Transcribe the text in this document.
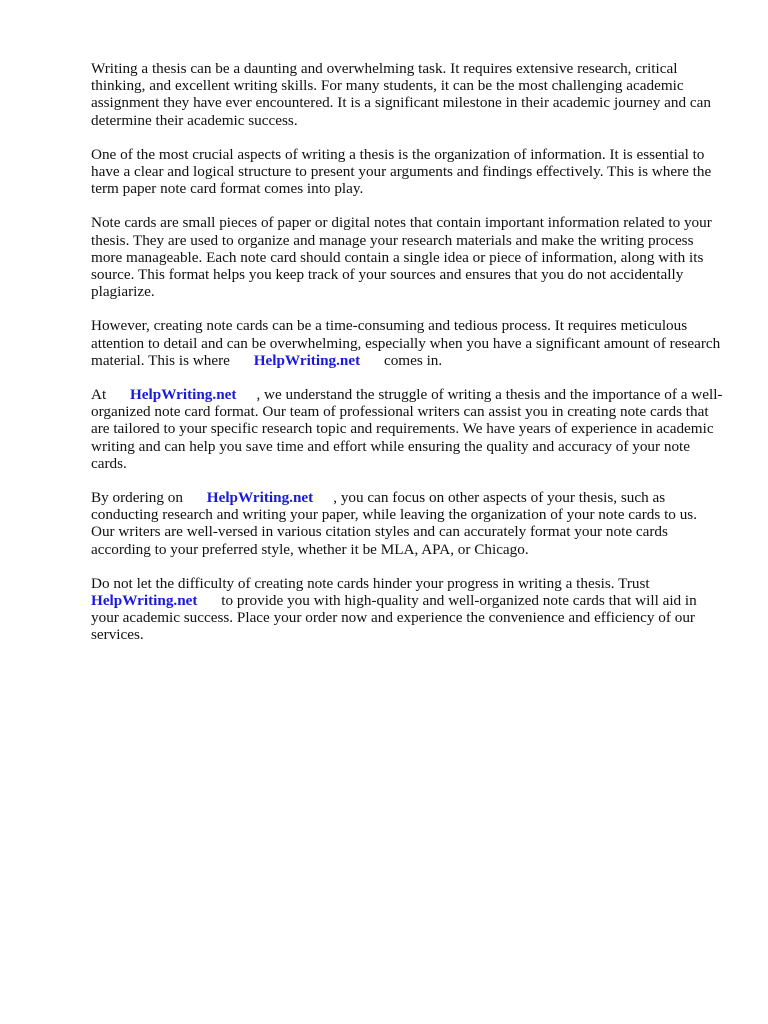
Writing a thesis can be a daunting and overwhelming task. It requires extensive research, critical thinking, and excellent writing skills. For many students, it can be the most challenging academic assignment they have ever encountered. It is a significant milestone in their academic journey and can determine their academic success.

One of the most crucial aspects of writing a thesis is the organization of information. It is essential to have a clear and logical structure to present your arguments and findings effectively. This is where the term paper note card format comes into play.

Note cards are small pieces of paper or digital notes that contain important information related to your thesis. They are used to organize and manage your research materials and make the writing process more manageable. Each note card should contain a single idea or piece of information, along with its source. This format helps you keep track of your sources and ensures that you do not accidentally plagiarize.

However, creating note cards can be a time-consuming and tedious process. It requires meticulous attention to detail and can be overwhelming, especially when you have a significant amount of research material. This is where HelpWriting.net comes in.

At HelpWriting.net , we understand the struggle of writing a thesis and the importance of a well-organized note card format. Our team of professional writers can assist you in creating note cards that are tailored to your specific research topic and requirements. We have years of experience in academic writing and can help you save time and effort while ensuring the quality and accuracy of your note cards.

By ordering on HelpWriting.net , you can focus on other aspects of your thesis, such as conducting research and writing your paper, while leaving the organization of your note cards to us. Our writers are well-versed in various citation styles and can accurately format your note cards according to your preferred style, whether it be MLA, APA, or Chicago.

Do not let the difficulty of creating note cards hinder your progress in writing a thesis. Trust HelpWriting.net to provide you with high-quality and well-organized note cards that will aid in your academic success. Place your order now and experience the convenience and efficiency of our services.
